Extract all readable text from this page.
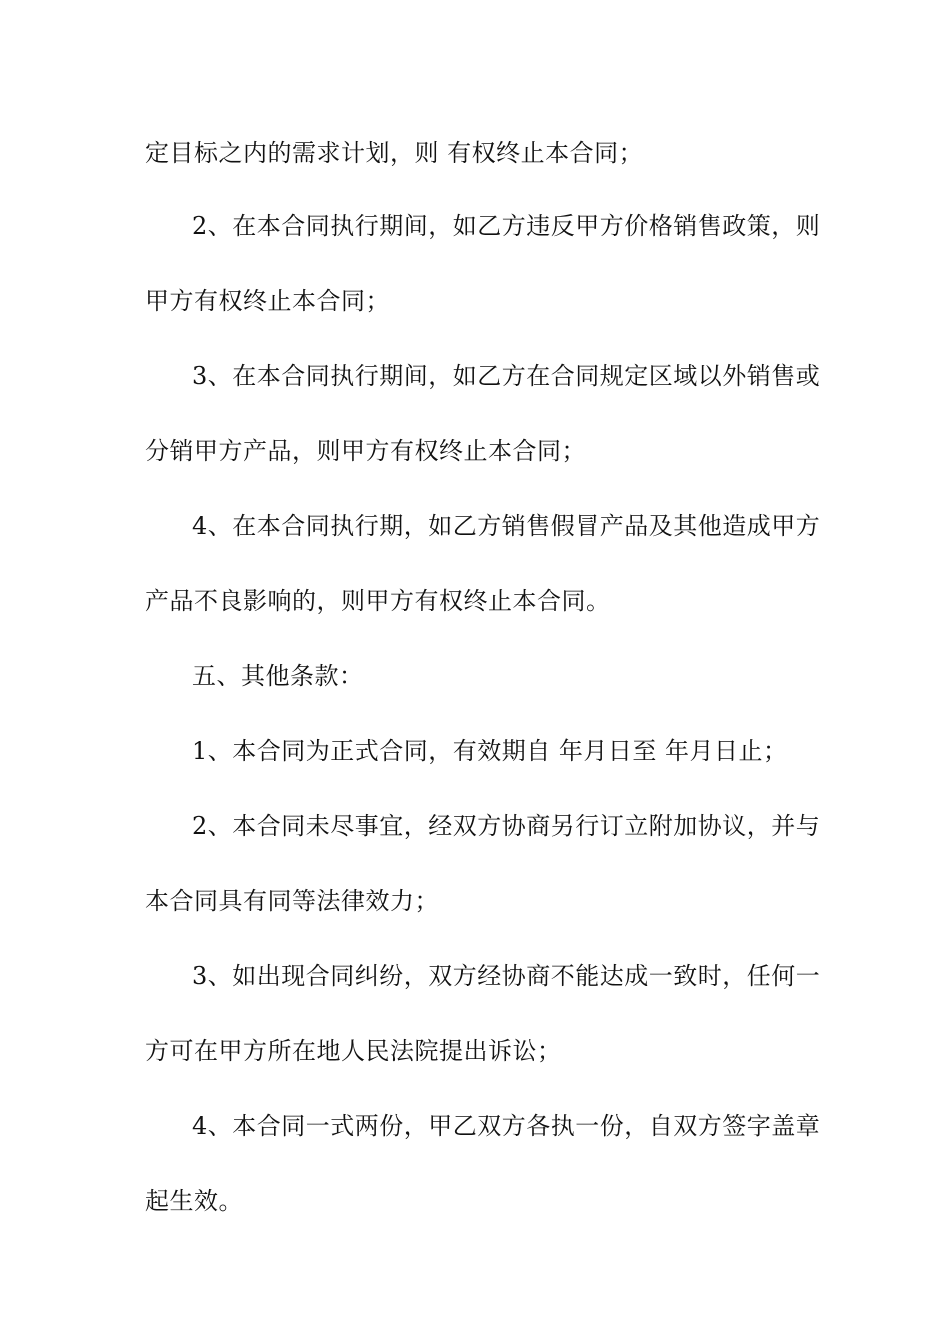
定目标之内的需求计划，则 有权终止本合同；
2、在本合同执行期间，如乙方违反甲方价格销售政策，则
甲方有权终止本合同；
3、在本合同执行期间，如乙方在合同规定区域以外销售或
分销甲方产品，则甲方有权终止本合同；
4、在本合同执行期，如乙方销售假冒产品及其他造成甲方
产品不良影响的，则甲方有权终止本合同。
五、其他条款：
1、本合同为正式合同，有效期自 年月日至 年月日止；
2、本合同未尽事宜，经双方协商另行订立附加协议，并与
本合同具有同等法律效力；
3、如出现合同纠纷，双方经协商不能达成一致时，任何一
方可在甲方所在地人民法院提出诉讼；
4、本合同一式两份，甲乙双方各执一份，自双方签字盖章
起生效。
